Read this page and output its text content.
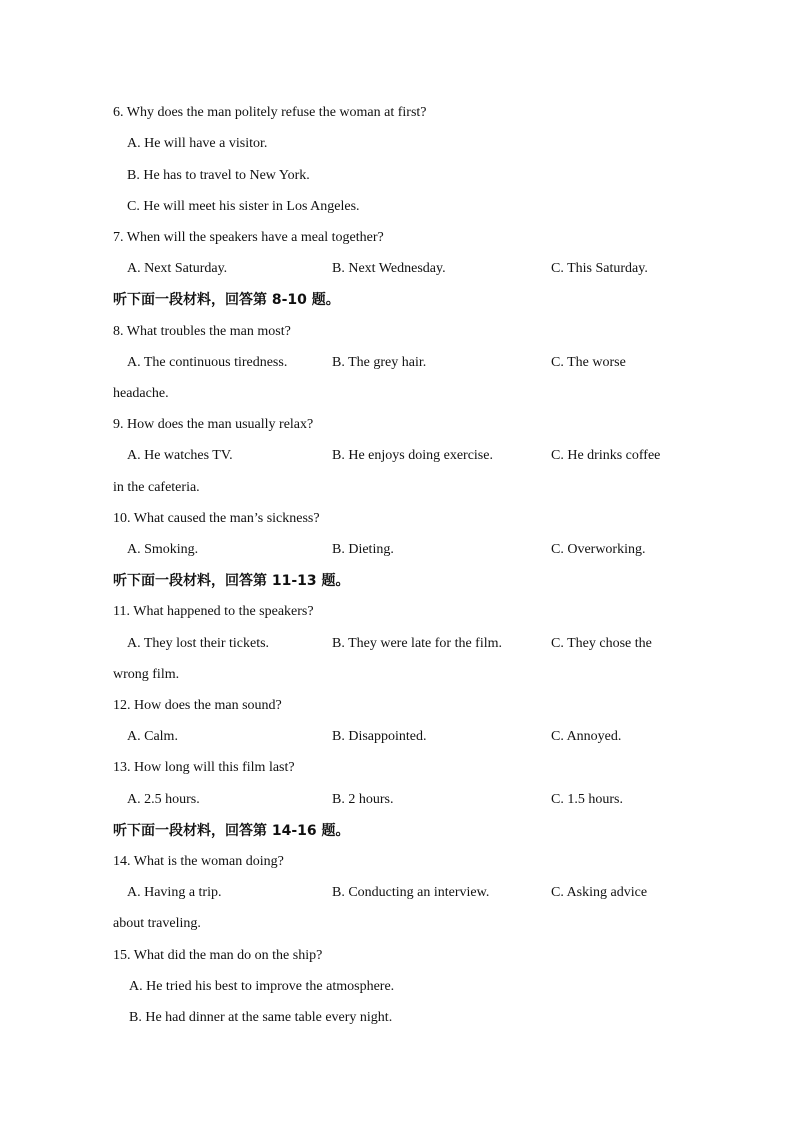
6. Why does the man politely refuse the woman at first?
A. He will have a visitor.
B. He has to travel to New York.
C. He will meet his sister in Los Angeles.
7. When will the speakers have a meal together?
A. Next Saturday.	B. Next Wednesday.	C. This Saturday.
听下面一段材料，回答第 8-10 题。
8. What troubles the man most?
A. The continuous tiredness.	B. The grey hair.	C. The worse
headache.
9. How does the man usually relax?
A. He watches TV.	B. He enjoys doing exercise.	C. He drinks coffee
in the cafeteria.
10. What caused the man’s sickness?
A. Smoking.	B. Dieting.	C. Overworking.
听下面一段材料，回答第 11-13 题。
11. What happened to the speakers?
A. They lost their tickets.	B. They were late for the film.	C. They chose the
wrong film.
12. How does the man sound?
A. Calm.	B. Disappointed.	C. Annoyed.
13. How long will this film last?
A. 2.5 hours.	B. 2 hours.	C. 1.5 hours.
听下面一段材料，回答第 14-16 题。
14. What is the woman doing?
A. Having a trip.	B. Conducting an interview.	C. Asking advice
about traveling.
15. What did the man do on the ship?
A. He tried his best to improve the atmosphere.
B. He had dinner at the same table every night.
